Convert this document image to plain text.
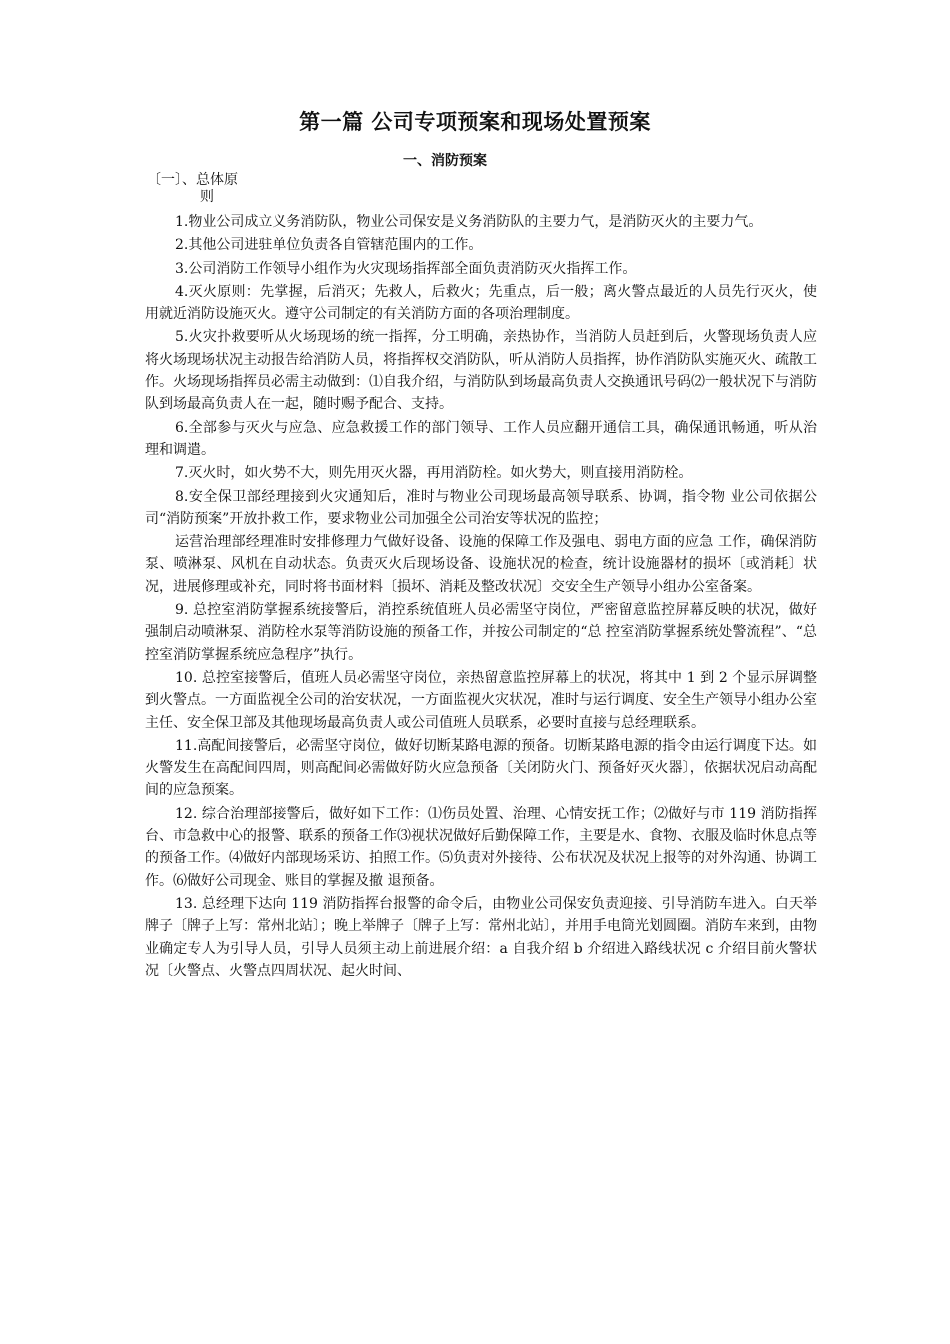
第一篇 公司专项预案和现场处置预案
一、消防预案
〔一〕、总体原
则

1.物业公司成立义务消防队，物业公司保安是义务消防队的主要力气，是消防灭火的主要力气。

2.其他公司进驻单位负责各自管辖范围内的工作。

3.公司消防工作领导小组作为火灾现场指挥部全面负责消防灭火指挥工作。

4.灭火原则：先掌握，后消灭；先救人，后救火；先重点，后一般；离火警点最近的人员先行灭火，使用就近消防设施灭火。遵守公司制定的有关消防方面的各项治理制度。

5.火灾扑救要听从火场现场的统一指挥，分工明确，亲热协作，当消防人员赶到后，火警现场负责人应将火场现场状况主动报告给消防人员，将指挥权交消防队，听从消防人员指挥，协作消防队实施灭火、疏散工作。火场现场指挥员必需主动做到：⑴自我介绍，与消防队到场最高负责人交换通讯号码⑵一般状况下与消防队到场最高负责人在一起，随时赐予配合、支持。

6.全部参与灭火与应急、应急救援工作的部门领导、工作人员应翻开通信工具，确保通讯畅通，听从治理和调遣。

7.灭火时，如火势不大，则先用灭火器，再用消防栓。如火势大，则直接用消防栓。

8.安全保卫部经理接到火灾通知后，准时与物业公司现场最高领导联系、协调，指令物 业公司依据公司“消防预案”开放扑救工作，要求物业公司加强全公司治安等状况的监控；

运营治理部经理准时安排修理力气做好设备、设施的保障工作及强电、弱电方面的应急 工作，确保消防泵、喷淋泵、风机在自动状态。负责灭火后现场设备、设施状况的检查，统计设施器材的损坏〔或消耗〕状况，进展修理或补充，同时将书面材料〔损坏、消耗及整改状况〕交安全生产领导小组办公室备案。

9. 总控室消防掌握系统接警后，消控系统值班人员必需坚守岗位，严密留意监控屏幕反映的状况，做好强制启动喷淋泵、消防栓水泵等消防设施的预备工作，并按公司制定的“总 控室消防掌握系统处警流程”、“总控室消防掌握系统应急程序”执行。

10. 总控室接警后，值班人员必需坚守岗位，亲热留意监控屏幕上的状况，将其中 1 到 2 个显示屏调整到火警点。一方面监视全公司的治安状况，一方面监视火灾状况，准时与运行调度、安全生产领导小组办公室主任、安全保卫部及其他现场最高负责人或公司值班人员联系，必要时直接与总经理联系。

11.高配间接警后，必需坚守岗位，做好切断某路电源的预备。切断某路电源的指令由运行调度下达。如火警发生在高配间四周，则高配间必需做好防火应急预备〔关闭防火门、预备好灭火器〕，依据状况启动高配间的应急预案。

12. 综合治理部接警后，做好如下工作：⑴伤员处置、治理、心情安抚工作；⑵做好与市 119 消防指挥台、市急救中心的报警、联系的预备工作⑶视状况做好后勤保障工作，主要是水、食物、衣服及临时休息点等的预备工作。⑷做好内部现场采访、拍照工作。⑸负责对外接待、公布状况及状况上报等的对外沟通、协调工作。⑹做好公司现金、账目的掌握及撤 退预备。

13. 总经理下达向 119 消防指挥台报警的命令后，由物业公司保安负责迎接、引导消防车进入。白天举牌子〔牌子上写：常州北站〕；晚上举牌子〔牌子上写：常州北站〕，并用手电筒光划圆圈。消防车来到，由物业确定专人为引导人员，引导人员须主动上前进展介绍：a 自我介绍 b 介绍进入路线状况 c 介绍目前火警状况〔火警点、火警点四周状况、起火时间、
